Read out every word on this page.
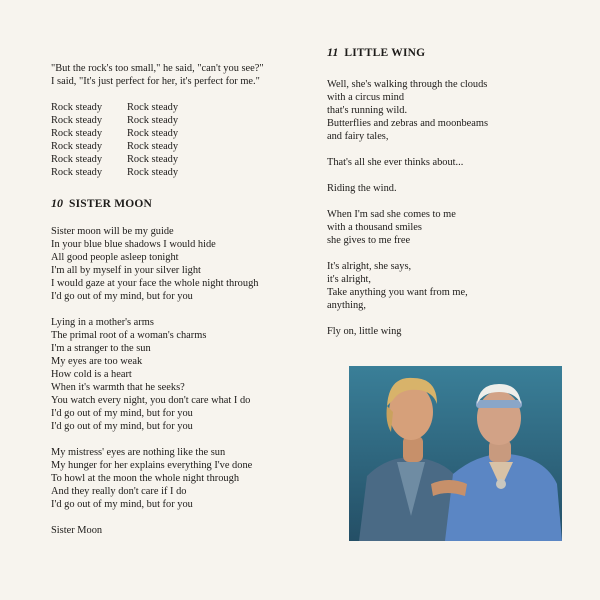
"But the rock's too small," he said, "can't you see?"
I said, "It's just perfect for her, it's perfect for me."
Rock steady	Rock steady
Rock steady	Rock steady
Rock steady	Rock steady
Rock steady	Rock steady
Rock steady	Rock steady
Rock steady	Rock steady
10 SISTER MOON
Sister moon will be my guide
In your blue blue shadows I would hide
All good people asleep tonight
I'm all by myself in your silver light
I would gaze at your face the whole night through
I'd go out of my mind, but for you
Lying in a mother's arms
The primal root of a woman's charms
I'm a stranger to the sun
My eyes are too weak
How cold is a heart
When it's warmth that he seeks?
You watch every night, you don't care what I do
I'd go out of my mind, but for you
I'd go out of my mind, but for you
My mistress' eyes are nothing like the sun
My hunger for her explains everything I've done
To howl at the moon the whole night through
And they really don't care if I do
I'd go out of my mind, but for you
Sister Moon
11 LITTLE WING
Well, she's walking through the clouds
with a circus mind
that's running wild.
Butterflies and zebras and moonbeams
and fairy tales,
That's all she ever thinks about...
Riding the wind.
When I'm sad she comes to me
with a thousand smiles
she gives to me free
It's alright, she says,
it's alright,
Take anything you want from me,
anything,
Fly on, little wing
